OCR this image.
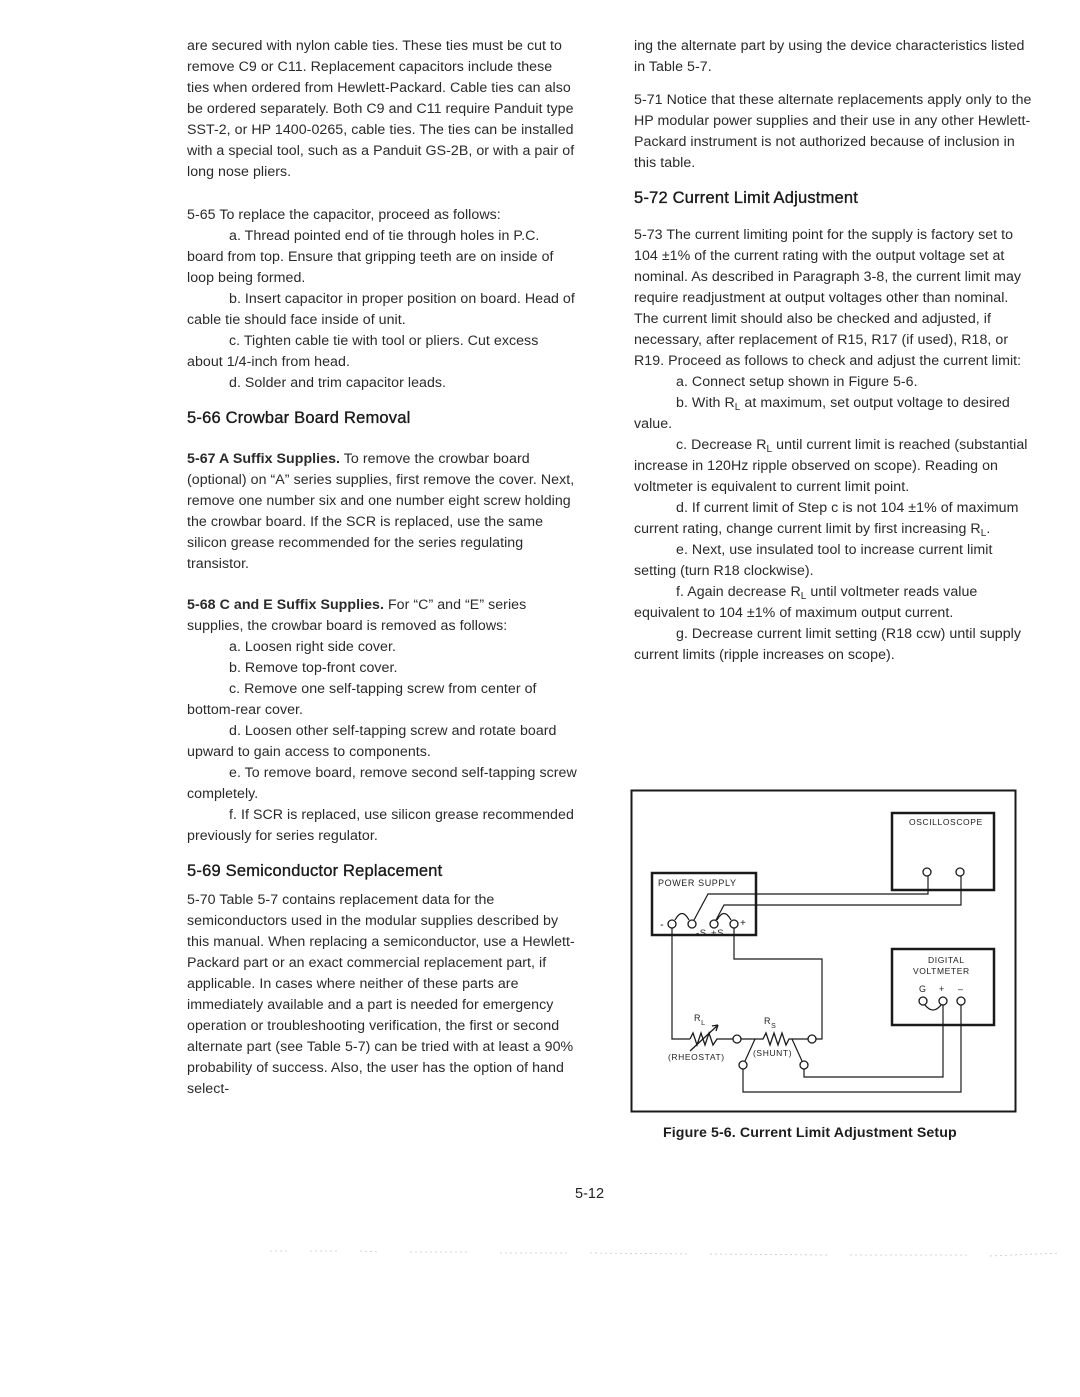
are secured with nylon cable ties. These ties must be cut to remove C9 or C11. Replacement capacitors include these ties when ordered from Hewlett-Packard. Cable ties can also be ordered separately. Both C9 and C11 require Panduit type SST-2, or HP 1400-0265, cable ties. The ties can be installed with a special tool, such as a Panduit GS-2B, or with a pair of long nose pliers.

5-65 To replace the capacitor, proceed as follows:

a. Thread pointed end of tie through holes in P.C. board from top. Ensure that gripping teeth are on inside of loop being formed.

b. Insert capacitor in proper position on board. Head of cable tie should face inside of unit.

c. Tighten cable tie with tool or pliers. Cut excess about 1/4-inch from head.

d. Solder and trim capacitor leads.

5-66 Crowbar Board Removal

5-67 A Suffix Supplies. To remove the crowbar board (optional) on “A” series supplies, first remove the cover. Next, remove one number six and one number eight screw holding the crowbar board. If the SCR is replaced, use the same silicon grease recommended for the series regulating transistor.

5-68 C and E Suffix Supplies. For “C” and “E” series supplies, the crowbar board is removed as follows:

a. Loosen right side cover.

b. Remove top-front cover.

c. Remove one self-tapping screw from center of bottom-rear cover.

d. Loosen other self-tapping screw and rotate board upward to gain access to components.

e. To remove board, remove second self-tapping screw completely.

f. If SCR is replaced, use silicon grease recommended previously for series regulator.

5-69 Semiconductor Replacement

5-70 Table 5-7 contains replacement data for the semiconductors used in the modular supplies described by this manual. When replacing a semiconductor, use a Hewlett-Packard part or an exact commercial replacement part, if applicable. In cases where neither of these parts are immediately available and a part is needed for emergency operation or troubleshooting verification, the first or second alternate part (see Table 5-7) can be tried with at least a 90% probability of success. Also, the user has the option of hand select-

ing the alternate part by using the device characteristics listed in Table 5-7.

5-71 Notice that these alternate replacements apply only to the HP modular power supplies and their use in any other Hewlett-Packard instrument is not authorized because of inclusion in this table.

5-72 Current Limit Adjustment

5-73 The current limiting point for the supply is factory set to 104 ±1% of the current rating with the output voltage set at nominal. As described in Paragraph 3-8, the current limit may require readjustment at output voltages other than nominal. The current limit should also be checked and adjusted, if necessary, after replacement of R15, R17 (if used), R18, or R19. Proceed as follows to check and adjust the current limit:

a. Connect setup shown in Figure 5-6.

b. With $R_L$ at maximum, set output voltage to desired value.

c. Decrease $R_L$ until current limit is reached (substantial increase in 120Hz ripple observed on scope). Reading on voltmeter is equivalent to current limit point.

d. If current limit of Step c is not 104 ±1% of maximum current rating, change current limit by first increasing $R_L$.

e. Next, use insulated tool to increase current limit setting (turn R18 clockwise).

f. Again decrease $R_L$ until voltmeter reads value equivalent to 104 ±1% of maximum output current.

g. Decrease current limit setting (R18 ccw) until supply current limits (ripple increases on scope).

OSCILLOSCOPE
POWER SUPPLY
DIGITAL
VOLTMETER
-
-S +S
+
G + –
$R_L$	$R_S$
(RHEOSTAT)	(SHUNT)
Figure 5-6. Current Limit Adjustment Setup
5-12
